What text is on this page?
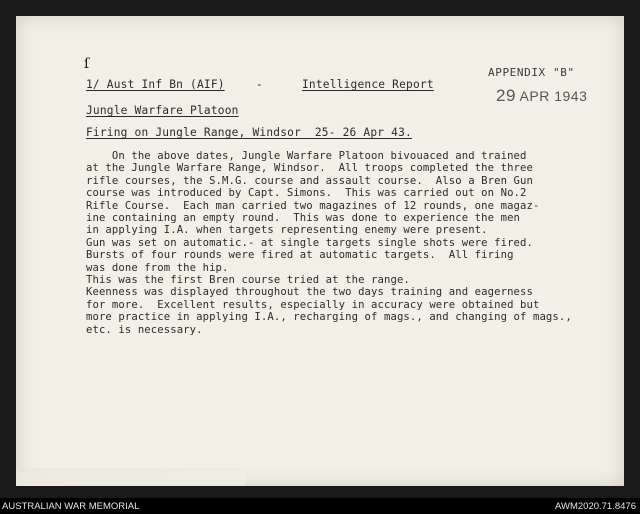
ſ
1/ Aust Inf Bn (AIF)	-	Intelligence Report
APPENDIX "B"
29 APR 1943
Jungle Warfare Platoon
Firing on Jungle Range, Windsor  25- 26 Apr 43.
On the above dates, Jungle Warfare Platoon bivouaced and trained
at the Jungle Warfare Range, Windsor.  All troops completed the three
rifle courses, the S.M.G. course and assault course.  Also a Bren Gun
course was introduced by Capt. Simons.  This was carried out on No.2
Rifle Course.  Each man carried two magazines of 12 rounds, one magaz-
ine containing an empty round.  This was done to experience the men
in applying I.A. when targets representing enemy were present.
Gun was set on automatic.- at single targets single shots were fired.
Bursts of four rounds were fired at automatic targets.  All firing
was done from the hip.
This was the first Bren course tried at the range.
Keenness was displayed throughout the two days training and eagerness
for more.  Excellent results, especially in accuracy were obtained but
more practice in applying I.A., recharging of mags., and changing of mags.,
etc. is necessary.
AUSTRALIAN WAR MEMORIAL	AWM2020.71.8476
